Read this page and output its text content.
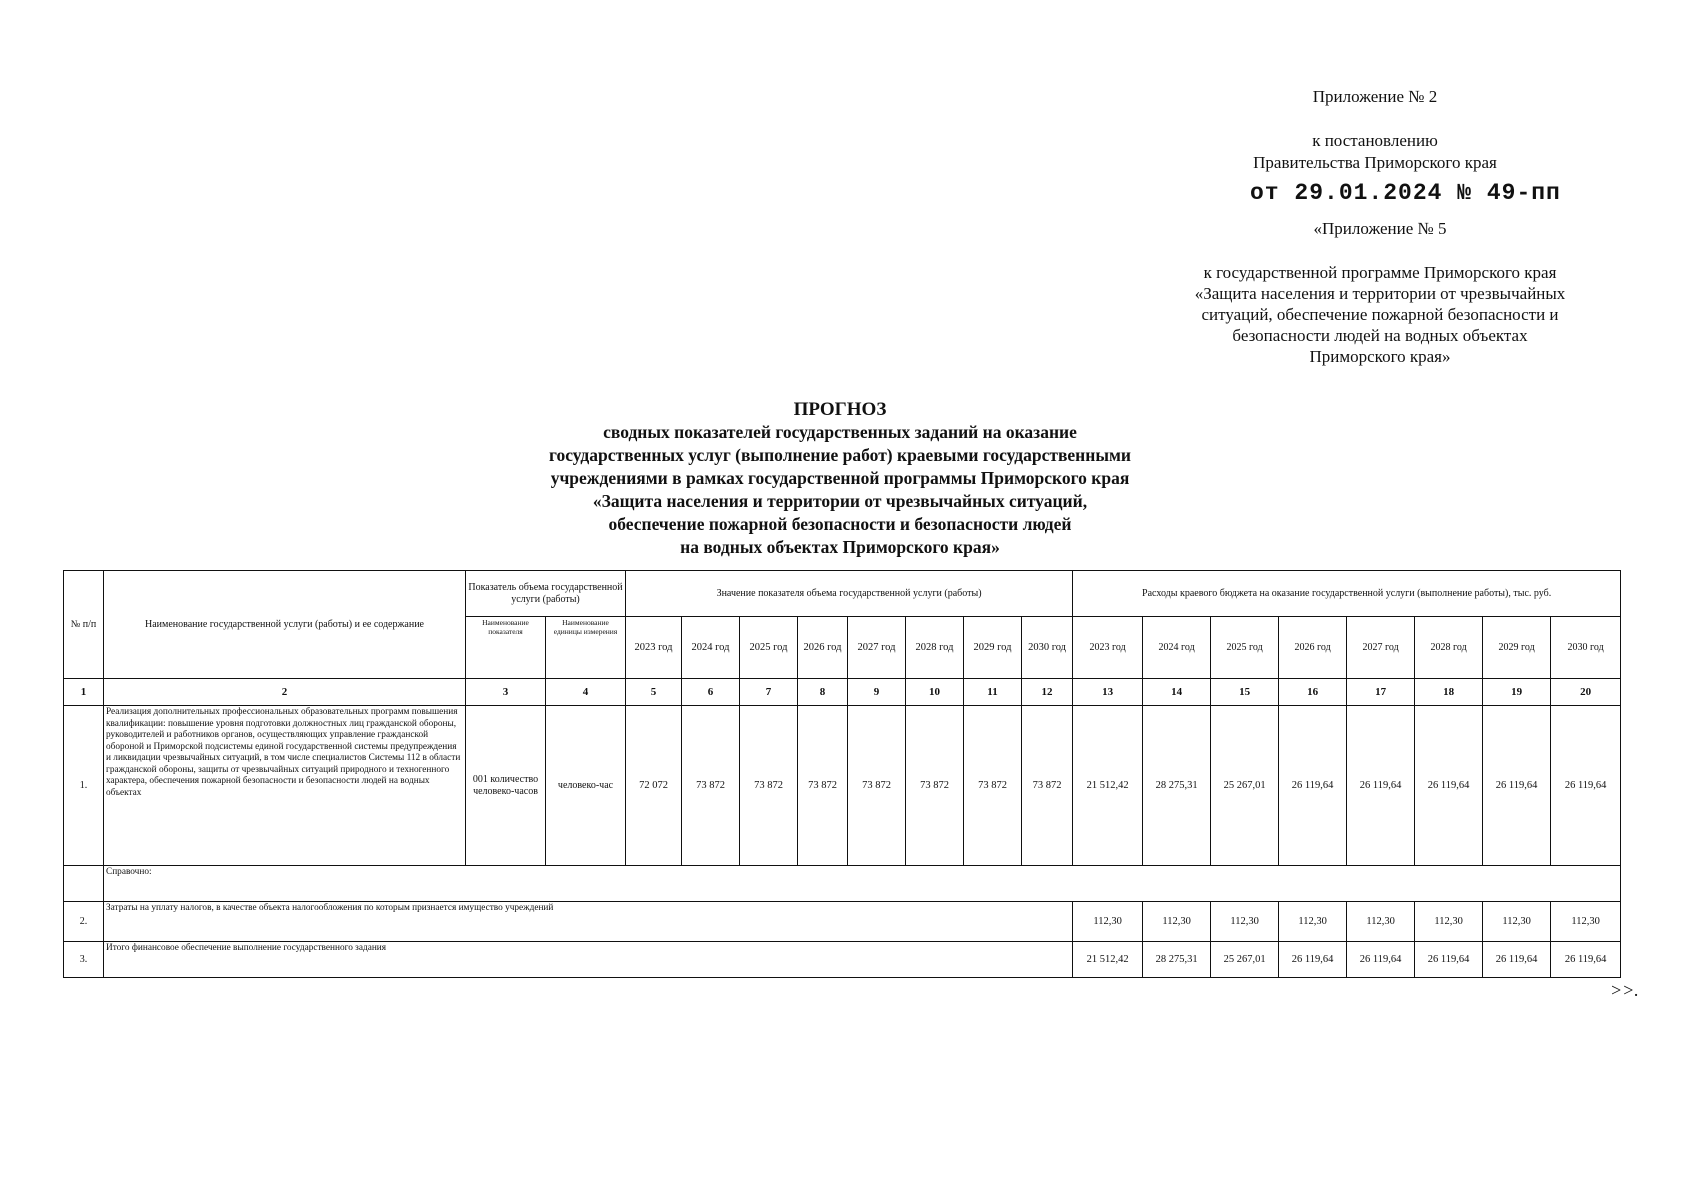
Приложение № 2
к постановлению
Правительства Приморского края
от 29.01.2024 № 49-пп
«Приложение № 5
к государственной программе Приморского края
«Защита населения и территории от чрезвычайных
ситуаций, обеспечение пожарной безопасности и
безопасности людей на водных объектах
Приморского края»
ПРОГНОЗ
сводных показателей государственных заданий на оказание
государственных услуг (выполнение работ) краевыми государственными
учреждениями в рамках государственной программы Приморского края
«Защита населения и территории от чрезвычайных ситуаций,
обеспечение пожарной безопасности и безопасности людей
на водных объектах Приморского края»
№ п/п	Наименование государственной услуги (работы) и ее содержание	Показатель объема государственной услуги (работы)		Значение показателя объема государственной услуги (работы)								Расходы краевого бюджета на оказание государственной услуги (выполнение работы), тыс. руб.							
		Наименование показателя	Наименование единицы измерения	2023 год	2024 год	2025 год	2026 год	2027 год	2028 год	2029 год	2030 год	2023 год	2024 год	2025 год	2026 год	2027 год	2028 год	2029 год	2030 год
1	2	3	4	5	6	7	8	9	10	11	12	13	14	15	16	17	18	19	20
1.	Реализация дополнительных профессиональных образовательных программ повышения квалификации: повышение уровня подготовки должностных лиц гражданской обороны, руководителей и работников органов, осуществляющих управление гражданской обороной и Приморской подсистемы единой государственной системы предупреждения и ликвидации чрезвычайных ситуаций, в том числе специалистов Системы 112 в области гражданской обороны, защиты от чрезвычайных ситуаций природного и техногенного характера, обеспечения пожарной безопасности и безопасности людей на водных объектах	001 количество человеко-часов	человеко-час	72 072	73 872	73 872	73 872	73 872	73 872	73 872	73 872	21 512,42	28 275,31	25 267,01	26 119,64	26 119,64	26 119,64	26 119,64	26 119,64
	Справочно:																		
2.	Затраты на уплату налогов, в качестве объекта налогообложения по которым признается имущество учреждений											112,30	112,30	112,30	112,30	112,30	112,30	112,30	112,30
3.	Итого финансовое обеспечение выполнение государственного задания											21 512,42	28 275,31	25 267,01	26 119,64	26 119,64	26 119,64	26 119,64	26 119,64
>>.
